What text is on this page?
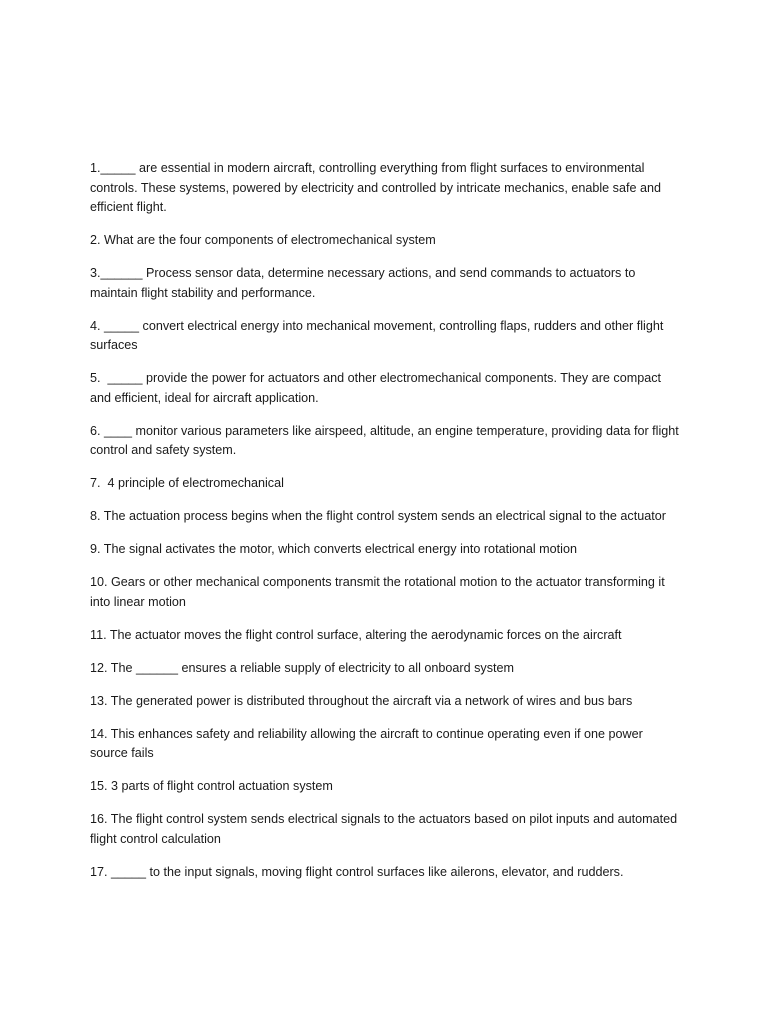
1._____ are essential in modern aircraft, controlling everything from flight surfaces to environmental controls. These systems, powered by electricity and controlled by intricate mechanics, enable safe and efficient flight.

2. What are the four components of electromechanical system

3.______ Process sensor data, determine necessary actions, and send commands to actuators to maintain flight stability and performance.

4. _____ convert electrical energy into mechanical movement, controlling flaps, rudders and other flight surfaces

5.  _____ provide the power for actuators and other electromechanical components. They are compact and efficient, ideal for aircraft application.

6. ____ monitor various parameters like airspeed, altitude, an engine temperature, providing data for flight control and safety system.

7.  4 principle of electromechanical

8. The actuation process begins when the flight control system sends an electrical signal to the actuator

9. The signal activates the motor, which converts electrical energy into rotational motion

10. Gears or other mechanical components transmit the rotational motion to the actuator transforming it into linear motion

11. The actuator moves the flight control surface, altering the aerodynamic forces on the aircraft

12. The ______ ensures a reliable supply of electricity to all onboard system

13. The generated power is distributed throughout the aircraft via a network of wires and bus bars

14. This enhances safety and reliability allowing the aircraft to continue operating even if one power source fails

15. 3 parts of flight control actuation system

16. The flight control system sends electrical signals to the actuators based on pilot inputs and automated flight control calculation

17. _____ to the input signals, moving flight control surfaces like ailerons, elevator, and rudders.
